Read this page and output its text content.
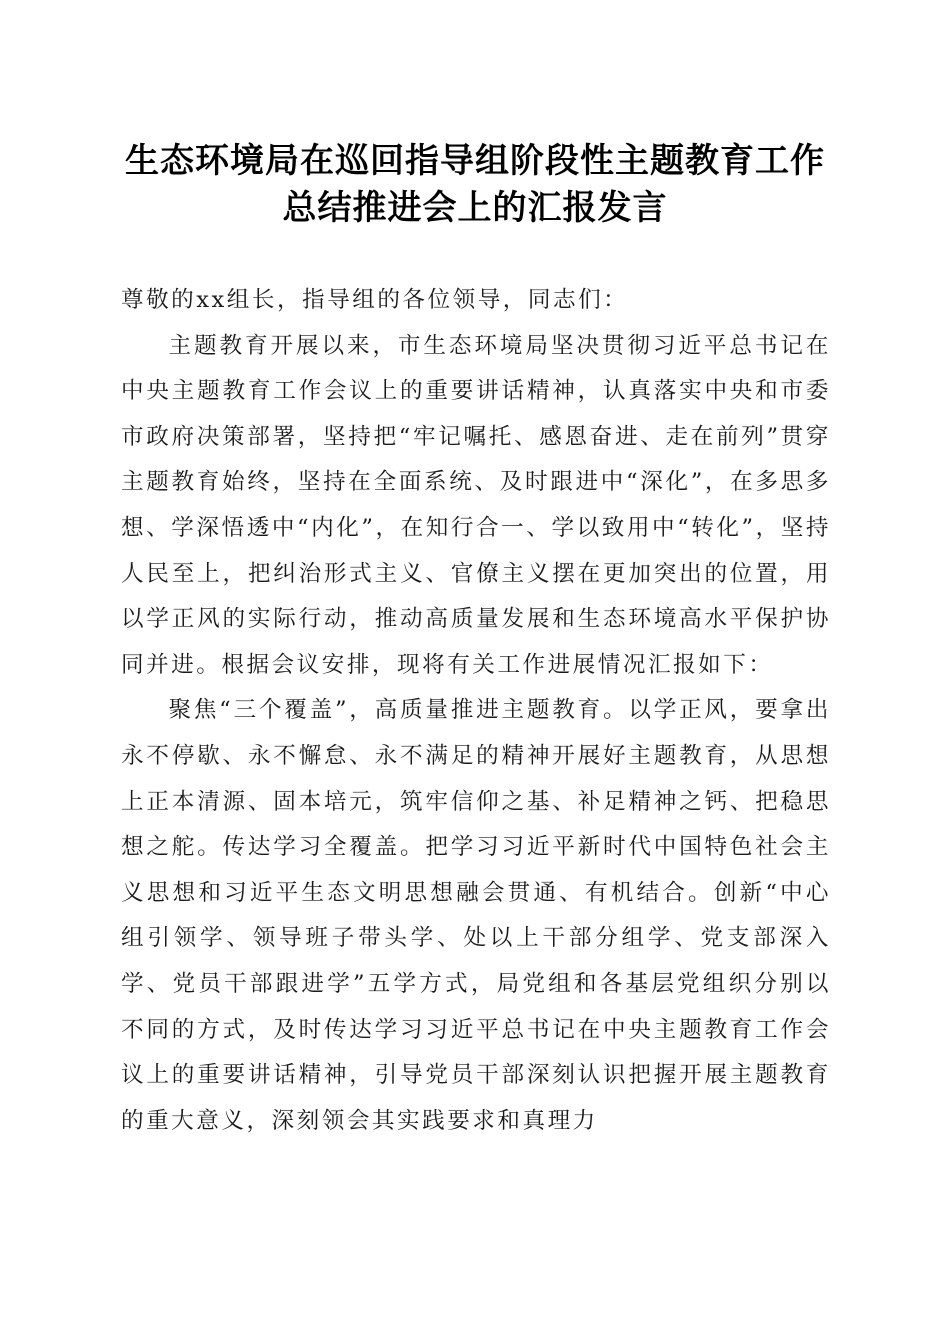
生态环境局在巡回指导组阶段性主题教育工作
总结推进会上的汇报发言

尊敬的xx组长，指导组的各位领导，同志们：

主题教育开展以来，市生态环境局坚决贯彻习近平总书记在中央主题教育工作会议上的重要讲话精神，认真落实中央和市委市政府决策部署，坚持把“牢记嘱托、感恩奋进、走在前列”贯穿主题教育始终，坚持在全面系统、及时跟进中“深化”，在多思多想、学深悟透中“内化”，在知行合一、学以致用中“转化”，坚持人民至上，把纠治形式主义、官僚主义摆在更加突出的位置，用以学正风的实际行动，推动高质量发展和生态环境高水平保护协同并进。根据会议安排，现将有关工作进展情况汇报如下：

聚焦“三个覆盖”，高质量推进主题教育。以学正风，要拿出永不停歇、永不懈怠、永不满足的精神开展好主题教育，从思想上正本清源、固本培元，筑牢信仰之基、补足精神之钙、把稳思想之舵。传达学习全覆盖。把学习习近平新时代中国特色社会主义思想和习近平生态文明思想融会贯通、有机结合。创新“中心组引领学、领导班子带头学、处以上干部分组学、党支部深入学、党员干部跟进学”五学方式，局党组和各基层党组织分别以不同的方式，及时传达学习习近平总书记在中央主题教育工作会议上的重要讲话精神，引导党员干部深刻认识把握开展主题教育的重大意义，深刻领会其实践要求和真理力
